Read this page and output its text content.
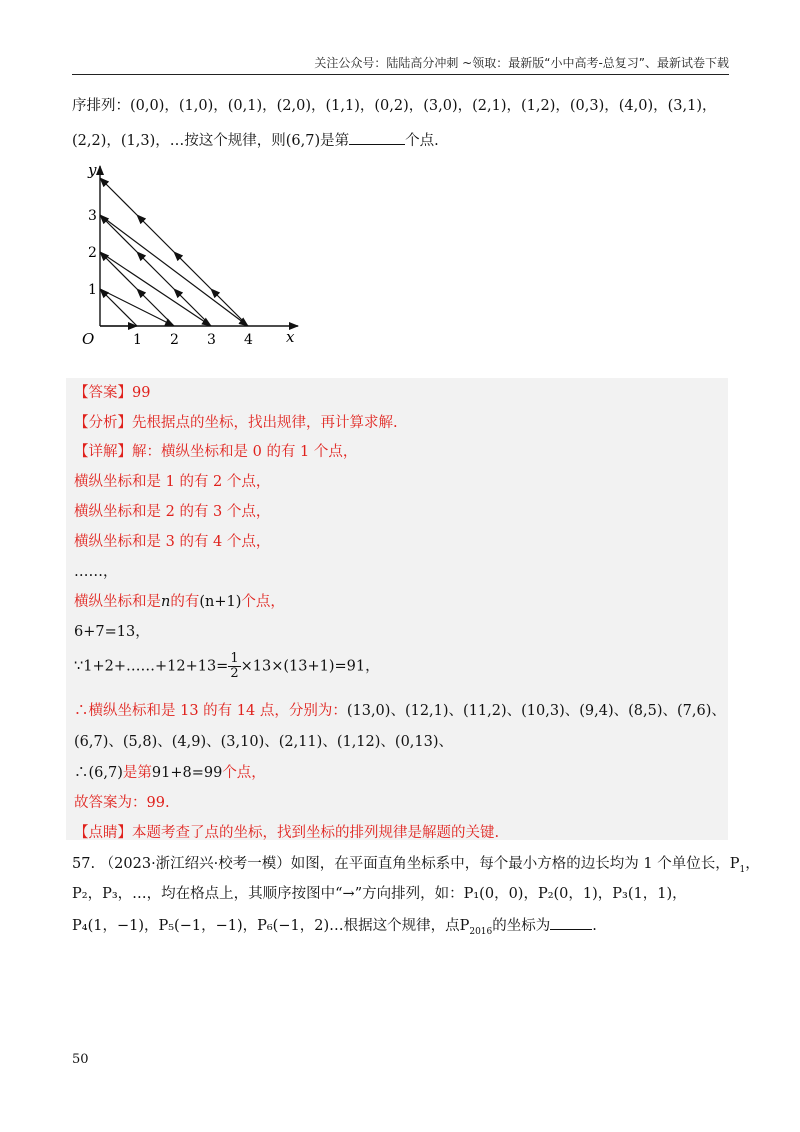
关注公众号：陆陆高分冲刺 ~领取：最新版“小中高考-总复习”、最新试卷下载
序排列：(0,0)，(1,0)，(0,1)，(2,0)，(1,1)，(0,2)，(3,0)，(2,1)，(1,2)，(0,3)，(4,0)，(3,1)，
(2,2)，(1,3)，…按这个规律，则(6,7)是第	个点.
y
x
O	1 2 3 4
1
2
3
【答案】99
【分析】先根据点的坐标，找出规律，再计算求解.
【详解】解：横纵坐标和是 0 的有 1 个点，
横纵坐标和是 1 的有 2 个点，
横纵坐标和是 2 的有 3 个点，
横纵坐标和是 3 的有 4 个点，
……，
横纵坐标和是n的有(n+1)个点，
6+7=13，
∵1+2+……+12+13= $\frac{1}{2} \times 13\times(13+1)=91$，
∴横纵坐标和是 13 的有 14 点，分别为：(13,0)、(12,1)、(11,2)、(10,3)、(9,4)、(8,5)、(7,6)、
(6,7)、(5,8)、(4,9)、(3,10)、(2,11)、(1,12)、(0,13)、
∴(6,7)是第91+8=99个点，
故答案为：99.
【点睛】本题考查了点的坐标，找到坐标的排列规律是解题的关键.
57. （2023·浙江绍兴·校考一模）如图，在平面直角坐标系中，每个最小方格的边长均为 1 个单位长，$P_1$，
P₂，P₃，…，均在格点上，其顺序按图中“→”方向排列，如：P₁(0，0)，P₂(0，1)，P₃(1，1)，
P₄(1，−1)，P₅(−1，−1)，P₆(−1，2)…根据这个规律，点$P_{2016}$的坐标为	.
50
